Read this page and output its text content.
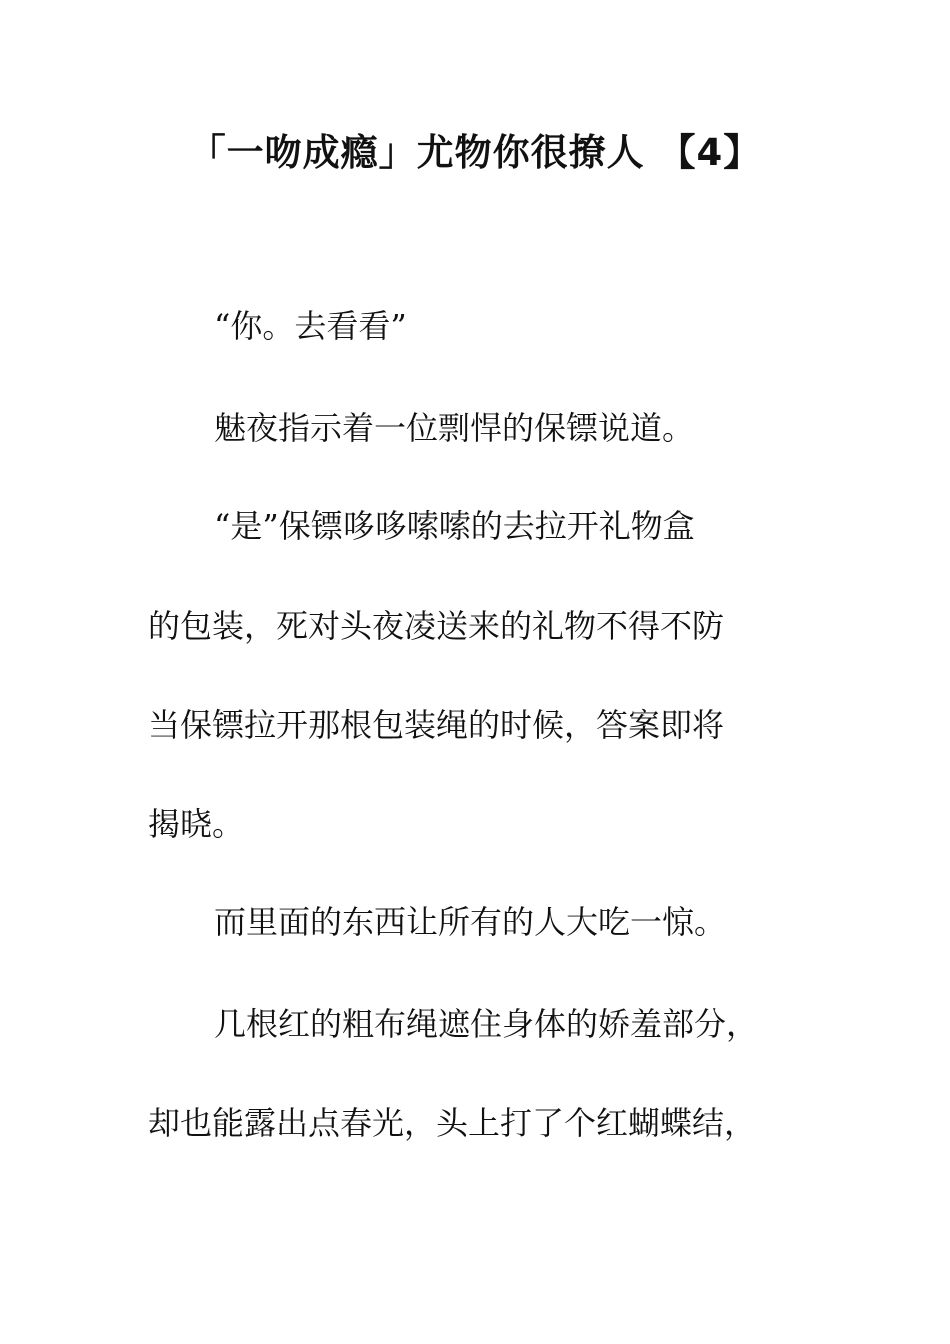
「一吻成瘾」尤物你很撩人 【4】
“你。去看看”
魅夜指示着一位剽悍的保镖说道。
“是”保镖哆哆嗦嗦的去拉开礼物盒
的包装，死对头夜凌送来的礼物不得不防
当保镖拉开那根包装绳的时候，答案即将
揭晓。
而里面的东西让所有的人大吃一惊。
几根红的粗布绳遮住身体的娇羞部分，
却也能露出点春光，头上打了个红蝴蝶结，
